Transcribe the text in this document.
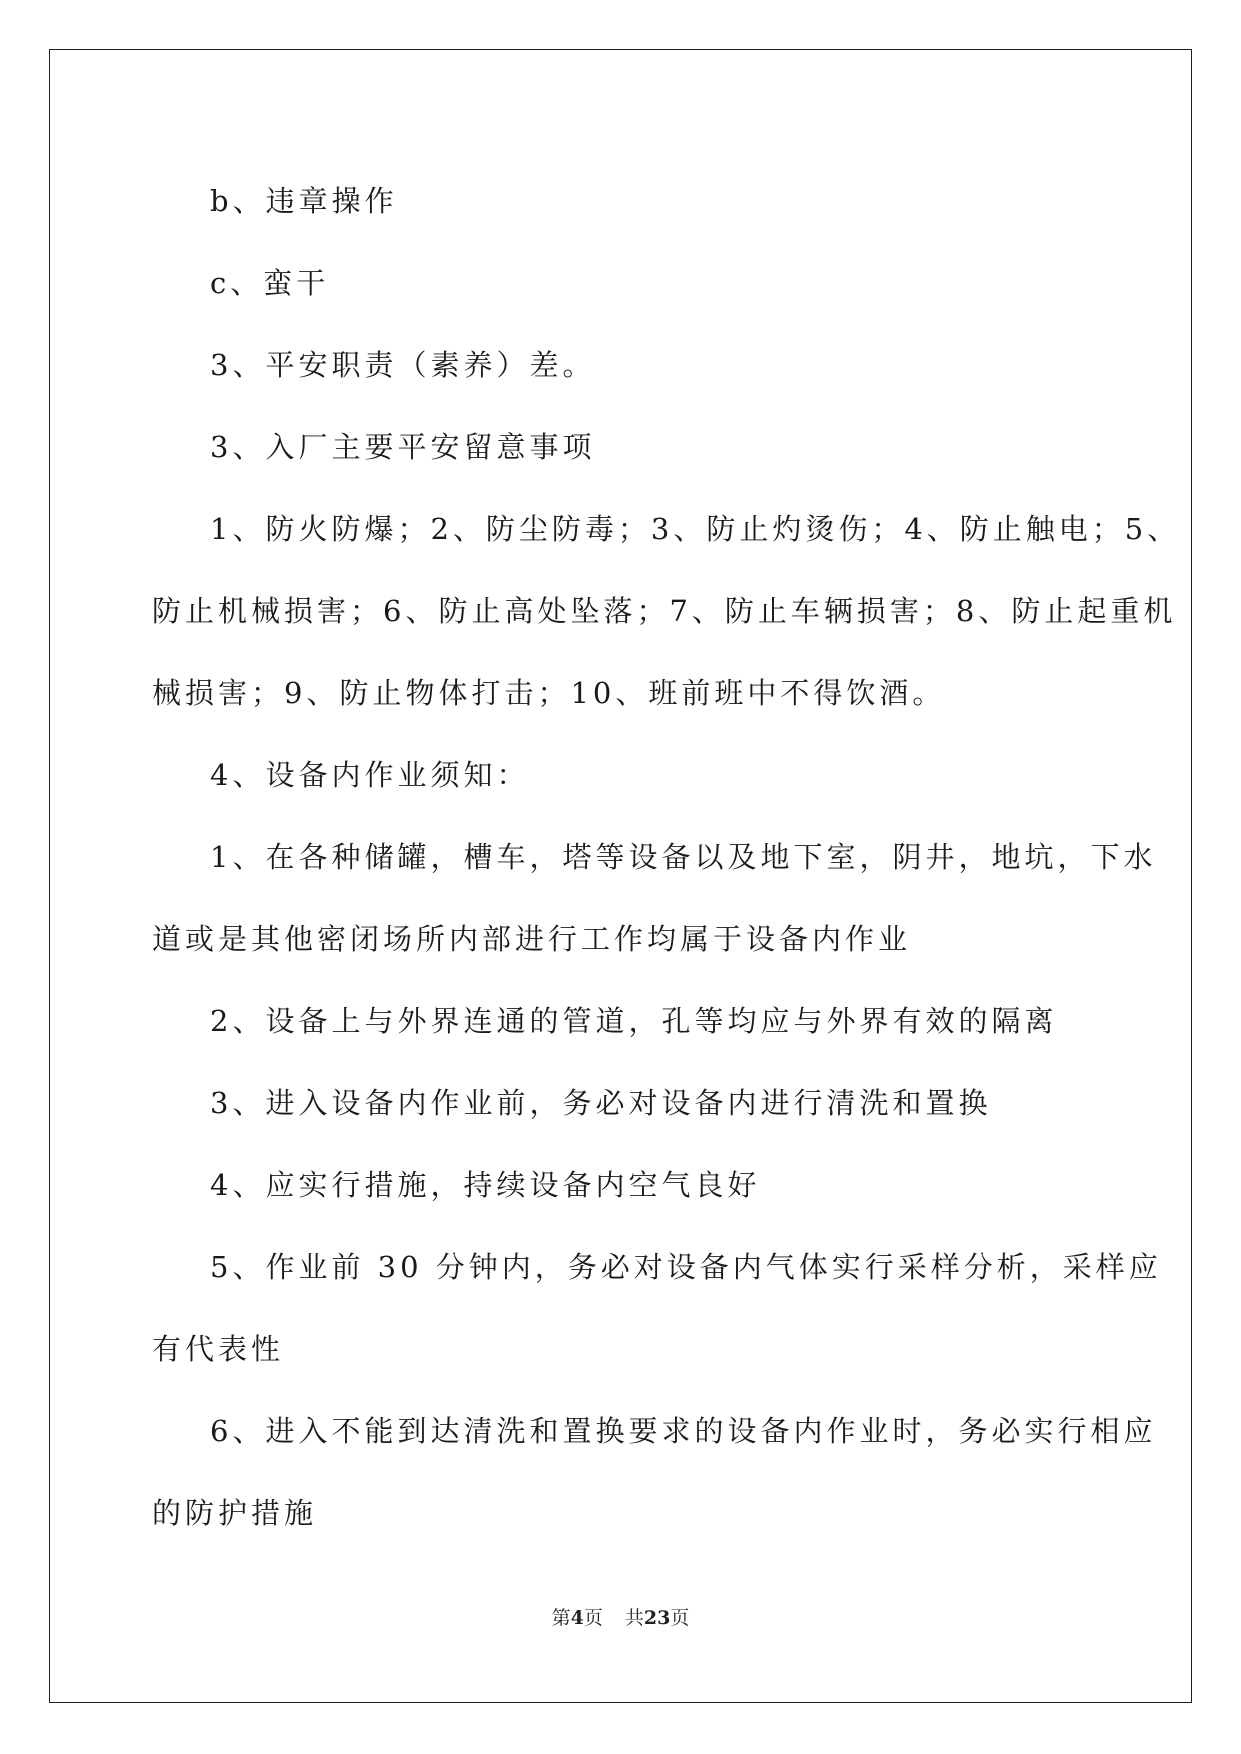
b、违章操作
c、蛮干
3、平安职责（素养）差。
3、入厂主要平安留意事项
1、防火防爆；2、防尘防毒；3、防止灼烫伤；4、防止触电；5、
防止机械损害；6、防止高处坠落；7、防止车辆损害；8、防止起重机
械损害；9、防止物体打击；10、班前班中不得饮酒。
4、设备内作业须知：
1、在各种储罐，槽车，塔等设备以及地下室，阴井，地坑，下水
道或是其他密闭场所内部进行工作均属于设备内作业
2、设备上与外界连通的管道，孔等均应与外界有效的隔离
3、进入设备内作业前，务必对设备内进行清洗和置换
4、应实行措施，持续设备内空气良好
5、作业前 30 分钟内，务必对设备内气体实行采样分析，采样应
有代表性
6、进入不能到达清洗和置换要求的设备内作业时，务必实行相应
的防护措施
第4页 共23页
